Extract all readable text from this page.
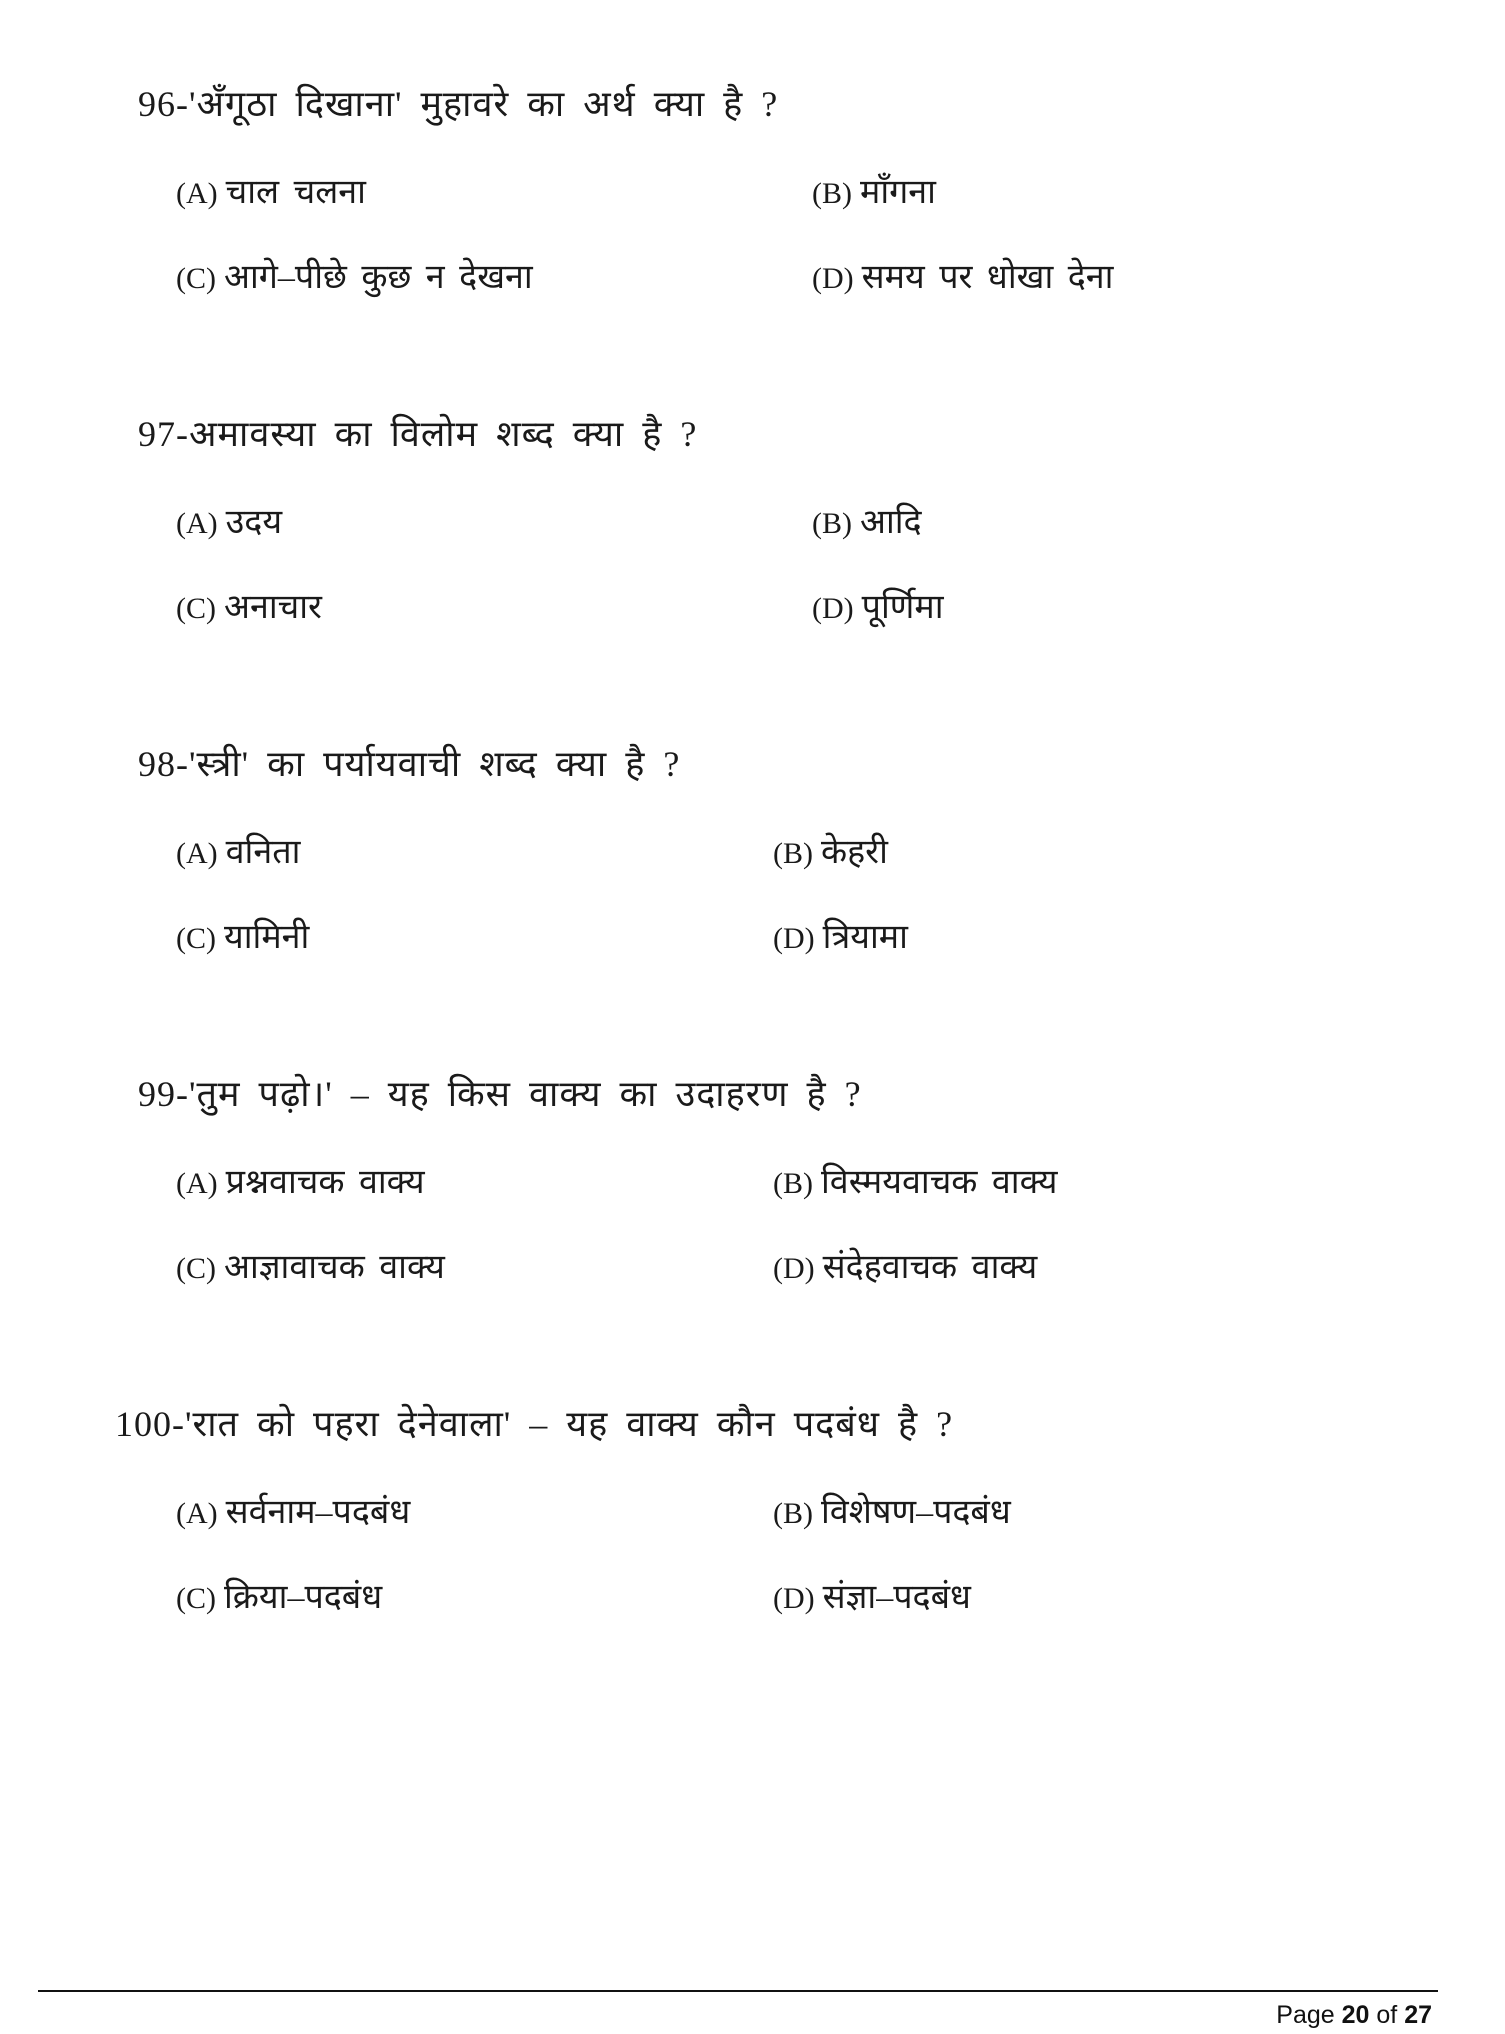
96-'अँगूठा दिखाना' मुहावरे का अर्थ क्या है ?
(A) चाल चलना	(B) माँगना
(C) आगे–पीछे कुछ न देखना	(D) समय पर धोखा देना
97-अमावस्या का विलोम शब्द क्या है ?
(A) उदय	(B) आदि
(C) अनाचार	(D) पूर्णिमा
98-'स्त्री' का पर्यायवाची शब्द क्या है ?
(A) वनिता	(B) केहरी
(C) यामिनी	(D) त्रियामा
99-'तुम पढ़ो।' – यह किस वाक्य का उदाहरण है ?
(A) प्रश्नवाचक वाक्य	(B) विस्मयवाचक वाक्य
(C) आज्ञावाचक वाक्य	(D) संदेहवाचक वाक्य
100-'रात को पहरा देनेवाला' – यह वाक्य कौन पदबंध है ?
(A) सर्वनाम–पदबंध	(B) विशेषण–पदबंध
(C) क्रिया–पदबंध	(D) संज्ञा–पदबंध
Page 20 of 27
